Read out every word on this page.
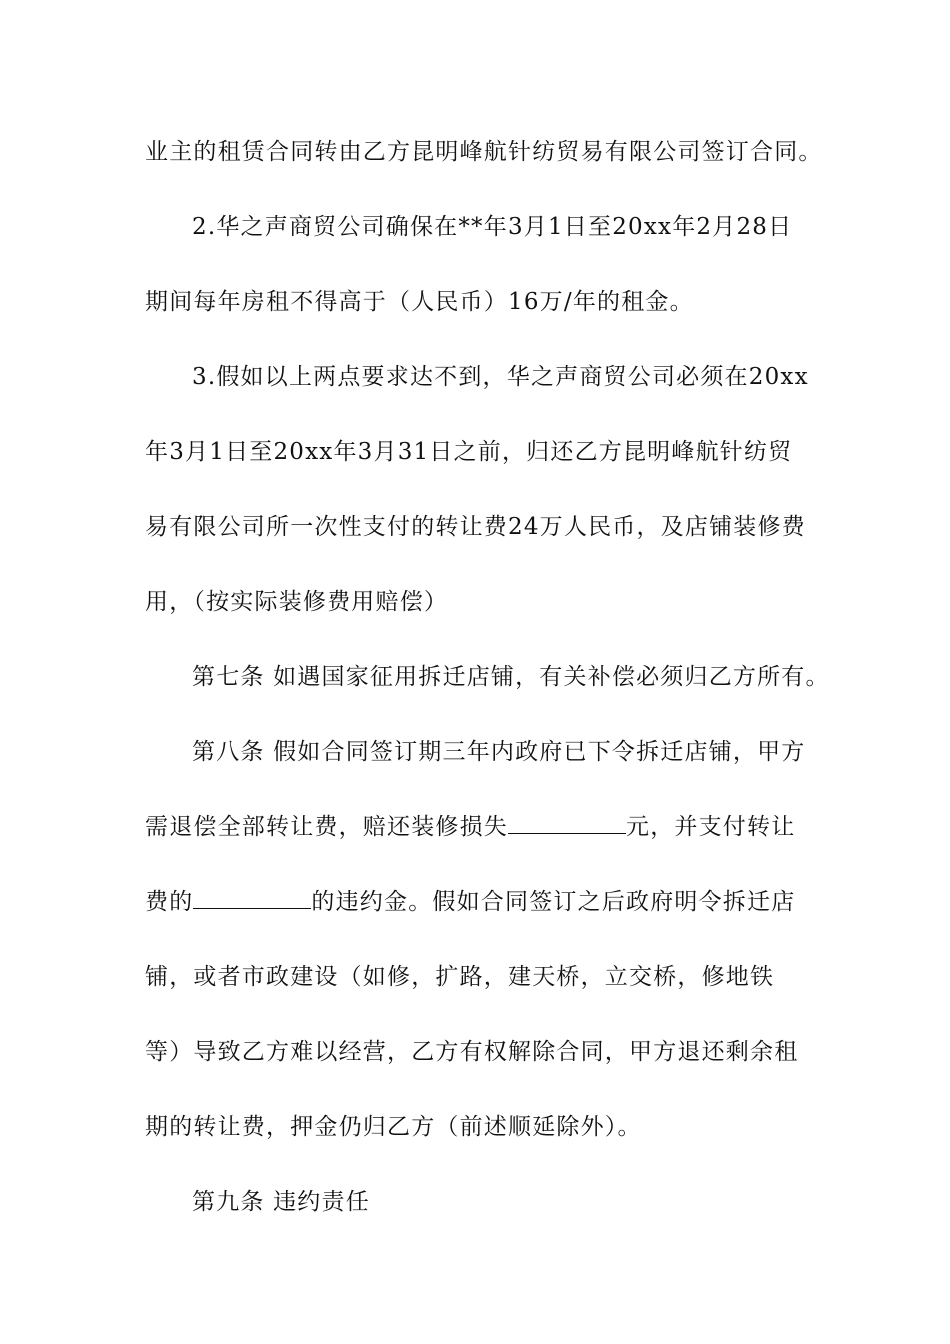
业主的租赁合同转由乙方昆明峰航针纺贸易有限公司签订合同。
2.华之声商贸公司确保在**年3月1日至20xx年2月28日
期间每年房租不得高于（人民币）16万/年的租金。
3.假如以上两点要求达不到，华之声商贸公司必须在20xx
年3月1日至20xx年3月31日之前，归还乙方昆明峰航针纺贸
易有限公司所一次性支付的转让费24万人民币，及店铺装修费
用，（按实际装修费用赔偿）
第七条 如遇国家征用拆迁店铺，有关补偿必须归乙方所有。
第八条 假如合同签订期三年内政府已下令拆迁店铺，甲方
需退偿全部转让费，赔还装修损失	元，并支付转让
费的	的违约金。假如合同签订之后政府明令拆迁店
铺，或者市政建设（如修，扩路，建天桥，立交桥，修地铁
等）导致乙方难以经营，乙方有权解除合同，甲方退还剩余租
期的转让费，押金仍归乙方（前述顺延除外）。
第九条 违约责任
